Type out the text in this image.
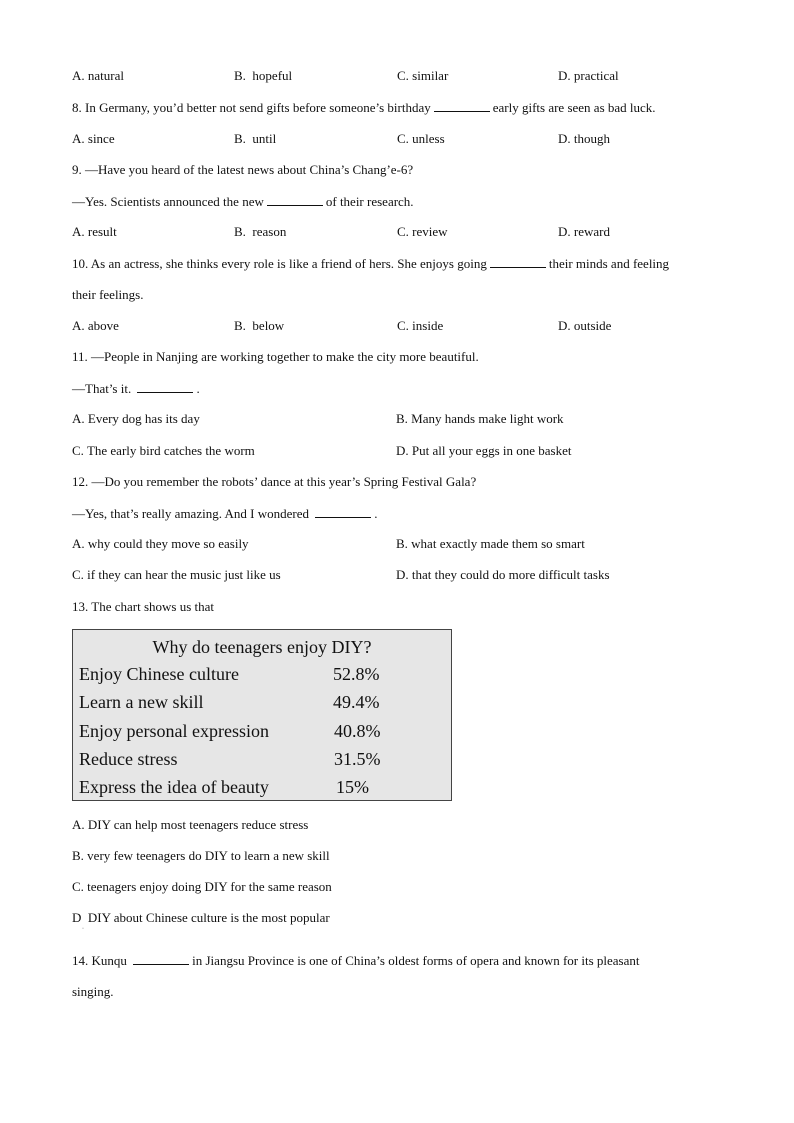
A. natural	B. hopeful	C. similar	D. practical
8. In Germany, you’d better not send gifts before someone’s birthday	early gifts are seen as bad luck.
A. since	B. until	C. unless	D. though
9. —Have you heard of the latest news about China’s Chang’e-6?
—Yes. Scientists announced the new	of their research.
A. result	B. reason	C. review	D. reward
10. As an actress, she thinks every role is like a friend of hers. She enjoys going	their minds and feeling
their feelings.
A. above	B. below	C. inside	D. outside
11. —People in Nanjing are working together to make the city more beautiful.
—That’s it.	.
A. Every dog has its day	B. Many hands make light work
C. The early bird catches the worm	D. Put all your eggs in one basket
12. —Do you remember the robots’ dance at this year’s Spring Festival Gala?
—Yes, that’s really amazing. And I wondered	.
A. why could they move so easily	B. what exactly made them so smart
C. if they can hear the music just like us	D. that they could do more difficult tasks
13. The chart shows us that
Why do teenagers enjoy DIY?
Enjoy Chinese culture	52.8%
Learn a new skill	49.4%
Enjoy personal expression	40.8%
Reduce stress	31.5%
Express the idea of beauty	15%
A. DIY can help most teenagers reduce stress
B. very few teenagers do DIY to learn a new skill
C. teenagers enjoy doing DIY for the same reason
D DIY about Chinese culture is the most popular
·
14. Kunqu	in Jiangsu Province is one of China’s oldest forms of opera and known for its pleasant
singing.
